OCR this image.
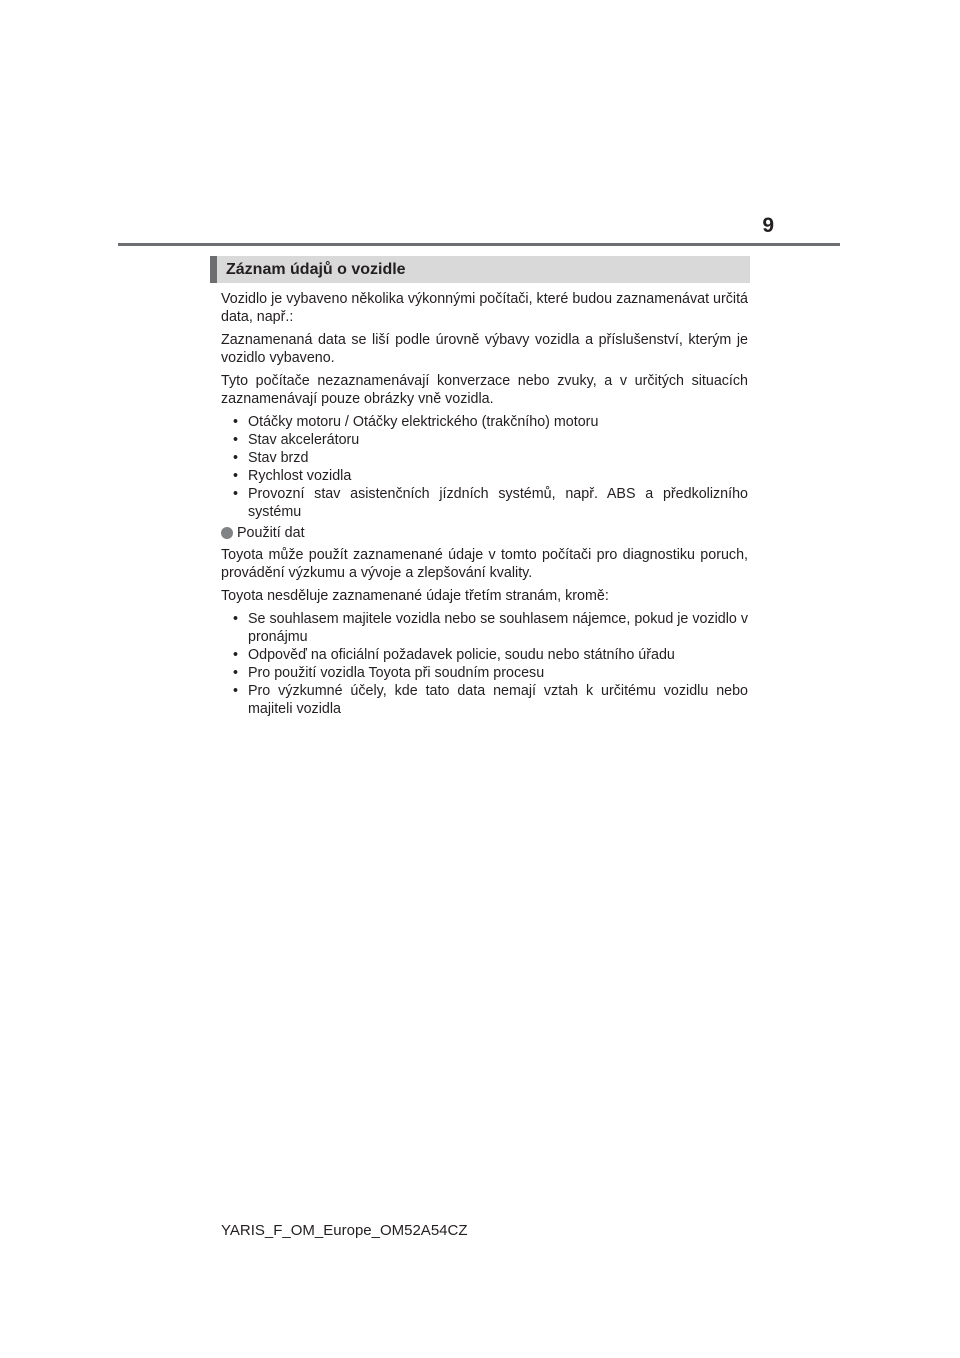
9
Záznam údajů o vozidle

Vozidlo je vybaveno několika výkonnými počítači, které budou zaznamenávat určitá data, např.:

Zaznamenaná data se liší podle úrovně výbavy vozidla a příslušenství, kterým je vozidlo vybaveno.

Tyto počítače nezaznamenávají konverzace nebo zvuky, a v určitých situacích zaznamenávají pouze obrázky vně vozidla.

• Otáčky motoru / Otáčky elektrického (trakčního) motoru
• Stav akcelerátoru
• Stav brzd
• Rychlost vozidla
• Provozní stav asistenčních jízdních systémů, např. ABS a předkolizního systému

Použití dat

Toyota může použít zaznamenané údaje v tomto počítači pro diagnostiku poruch, provádění výzkumu a vývoje a zlepšování kvality.

Toyota nesděluje zaznamenané údaje třetím stranám, kromě:

• Se souhlasem majitele vozidla nebo se souhlasem nájemce, pokud je vozidlo v pronájmu
• Odpověď na oficiální požadavek policie, soudu nebo státního úřadu
• Pro použití vozidla Toyota při soudním procesu
• Pro výzkumné účely, kde tato data nemají vztah k určitému vozidlu nebo majiteli vozidla
YARIS_F_OM_Europe_OM52A54CZ
